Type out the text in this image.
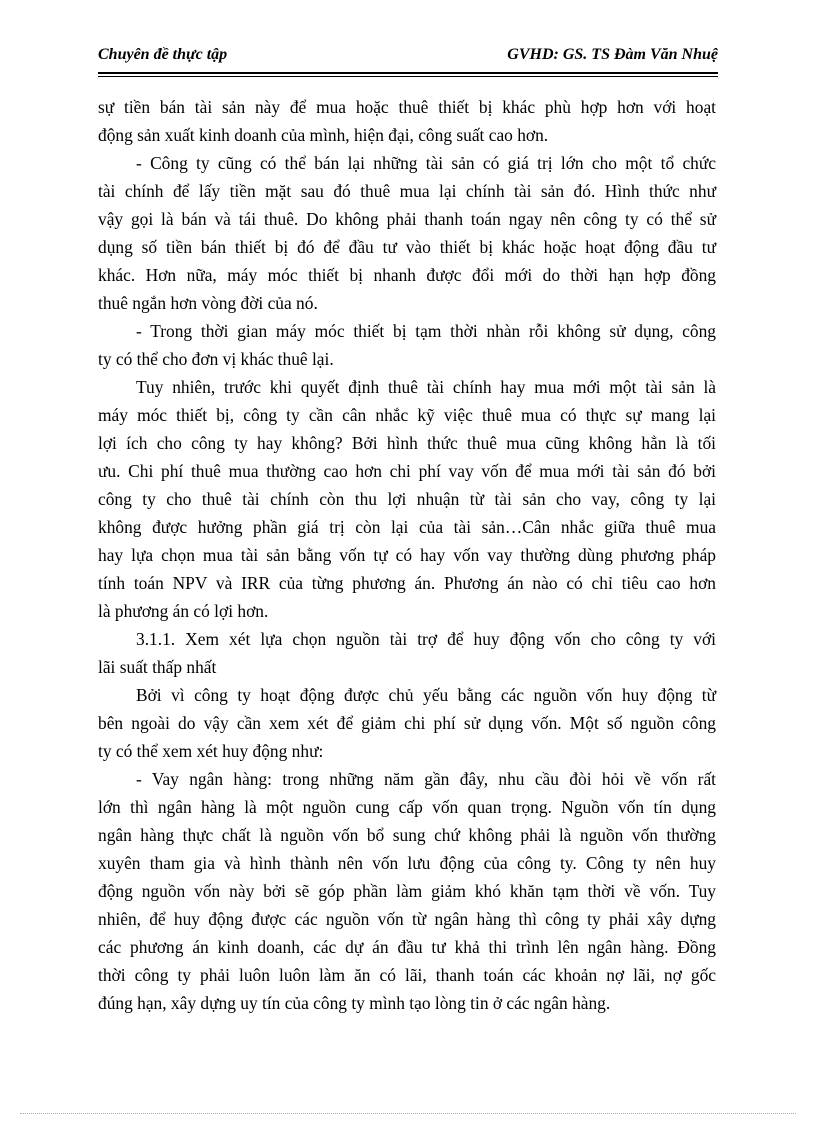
Chuyên đề thực tập	GVHD: GS. TS Đàm Văn Nhuệ
sự tiền bán tài sản này để mua hoặc thuê thiết bị khác phù hợp hơn với hoạt
động sản xuất kinh doanh của mình, hiện đại, công suất cao hơn.
- Công ty cũng có thể bán lại những tài sản có giá trị lớn cho một tổ chức
tài chính để lấy tiền mặt sau đó thuê mua lại chính tài sản đó. Hình thức như
vậy gọi là bán và tái thuê. Do không phải thanh toán ngay nên công ty có thể sử
dụng số tiền bán thiết bị đó để đầu tư vào thiết bị khác hoặc hoạt động đầu tư
khác. Hơn nữa, máy móc thiết bị nhanh được đổi mới do thời hạn hợp đồng
thuê ngắn hơn vòng đời của nó.
- Trong thời gian máy móc thiết bị tạm thời nhàn rỗi không sử dụng, công
ty có thể cho đơn vị khác thuê lại.
Tuy nhiên, trước khi quyết định thuê tài chính hay mua mới một tài sản là
máy móc thiết bị, công ty cần cân nhắc kỹ việc thuê mua có thực sự mang lại
lợi ích cho công ty hay không? Bởi hình thức thuê mua cũng không hẳn là tối
ưu. Chi phí thuê mua thường cao hơn chi phí vay vốn để mua mới tài sản đó bởi
công ty cho thuê tài chính còn thu lợi nhuận từ tài sản cho vay, công ty lại
không được hưởng phần giá trị còn lại của tài sản…Cân nhắc giữa thuê mua
hay lựa chọn mua tài sản bằng vốn tự có hay vốn vay thường dùng phương pháp
tính toán NPV và IRR của từng phương án. Phương án nào có chỉ tiêu cao hơn
là phương án có lợi hơn.
3.1.1. Xem xét lựa chọn nguồn tài trợ để huy động vốn cho công ty với
lãi suất thấp nhất
Bởi vì công ty hoạt động được chủ yếu bằng các nguồn vốn huy động từ
bên ngoài do vậy cần xem xét để giảm chi phí sử dụng vốn. Một số nguồn công
ty có thể xem xét huy động như:
- Vay ngân hàng: trong những năm gần đây, nhu cầu đòi hỏi về vốn rất
lớn thì ngân hàng là một nguồn cung cấp vốn quan trọng. Nguồn vốn tín dụng
ngân hàng thực chất là nguồn vốn bổ sung chứ không phải là nguồn vốn thường
xuyên tham gia và hình thành nên vốn lưu động của công ty. Công ty nên huy
động nguồn vốn này bởi sẽ góp phần làm giảm khó khăn tạm thời về vốn. Tuy
nhiên, để huy động được các nguồn vốn từ ngân hàng thì công ty phải xây dựng
các phương án kinh doanh, các dự án đầu tư khả thi trình lên ngân hàng. Đồng
thời công ty phải luôn luôn làm ăn có lãi, thanh toán các khoản nợ lãi, nợ gốc
đúng hạn, xây dựng uy tín của công ty mình tạo lòng tin ở các ngân hàng.
